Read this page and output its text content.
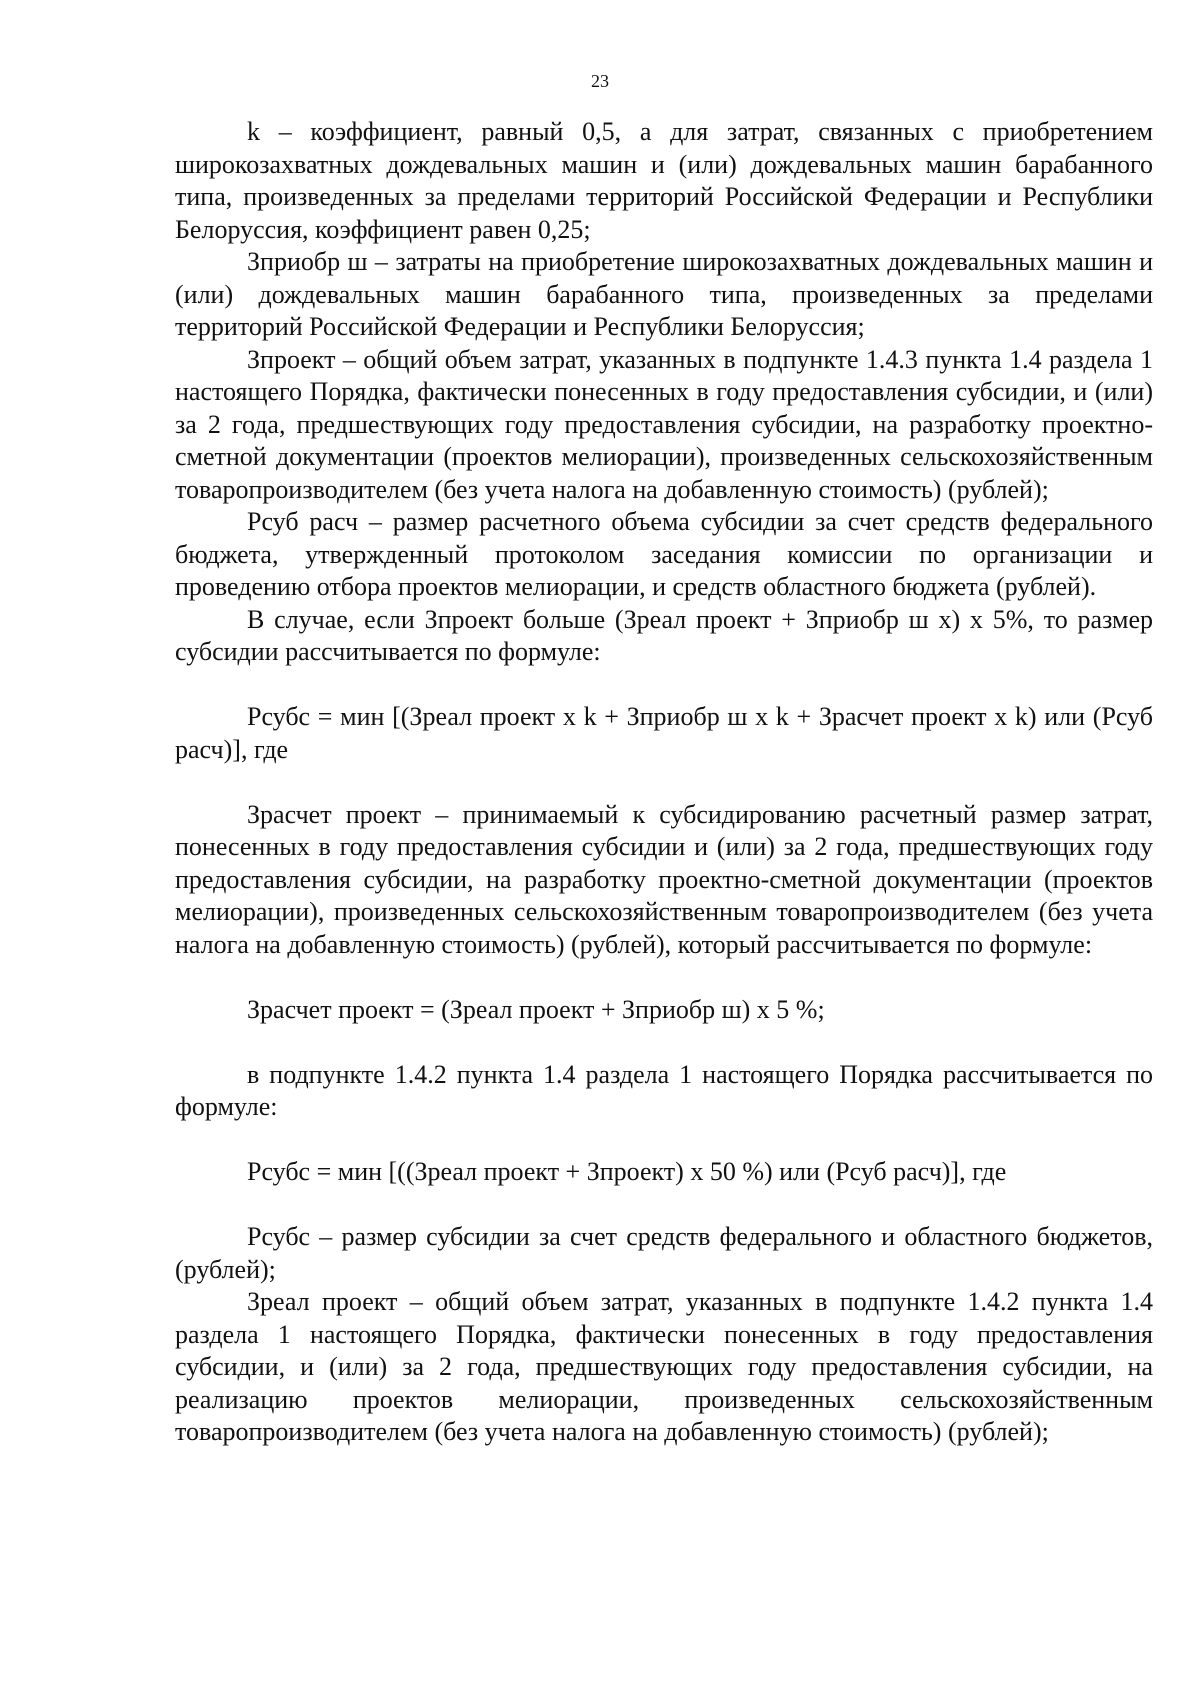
23

k – коэффициент, равный 0,5, а для затрат, связанных с приобретением широкозахватных дождевальных машин и (или) дождевальных машин барабанного типа, произведенных за пределами территорий Российской Федерации и Республики Белоруссия, коэффициент равен 0,25;

Зприобр ш – затраты на приобретение широкозахватных дождевальных машин и (или) дождевальных машин барабанного типа, произведенных за пределами территорий Российской Федерации и Республики Белоруссия;

Зпроект – общий объем затрат, указанных в подпункте 1.4.3 пункта 1.4 раздела 1 настоящего Порядка, фактически понесенных в году предоставления субсидии, и (или) за 2 года, предшествующих году предоставления субсидии, на разработку проектно-сметной документации (проектов мелиорации), произведенных сельскохозяйственным товаропроизводителем (без учета налога на добавленную стоимость) (рублей);

Рсуб расч – размер расчетного объема субсидии за счет средств федерального бюджета, утвержденный протоколом заседания комиссии по организации и проведению отбора проектов мелиорации, и средств областного бюджета (рублей).

В случае, если Зпроект больше (Зреал проект + Зприобр ш х) х 5%, то размер субсидии рассчитывается по формуле:

Рсубс = мин [(Зреал проект х k + Зприобр ш х k + Зрасчет проект х k) или (Рсуб расч)], где

Зрасчет проект – принимаемый к субсидированию расчетный размер затрат, понесенных в году предоставления субсидии и (или) за 2 года, предшествующих году предоставления субсидии, на разработку проектно-сметной документации (проектов мелиорации), произведенных сельскохозяйственным товаропроизводителем (без учета налога на добавленную стоимость) (рублей), который рассчитывается по формуле:

Зрасчет проект = (Зреал проект + Зприобр ш) х 5 %;

в подпункте 1.4.2 пункта 1.4 раздела 1 настоящего Порядка рассчитывается по формуле:

Рсубс = мин [((Зреал проект + Зпроект) х 50 %) или (Рсуб расч)], где

Рсубс – размер субсидии за счет средств федерального и областного бюджетов, (рублей);

Зреал проект – общий объем затрат, указанных в подпункте 1.4.2 пункта 1.4 раздела 1 настоящего Порядка, фактически понесенных в году предоставления субсидии, и (или) за 2 года, предшествующих году предоставления субсидии, на реализацию проектов мелиорации, произведенных сельскохозяйственным товаропроизводителем (без учета налога на добавленную стоимость) (рублей);
